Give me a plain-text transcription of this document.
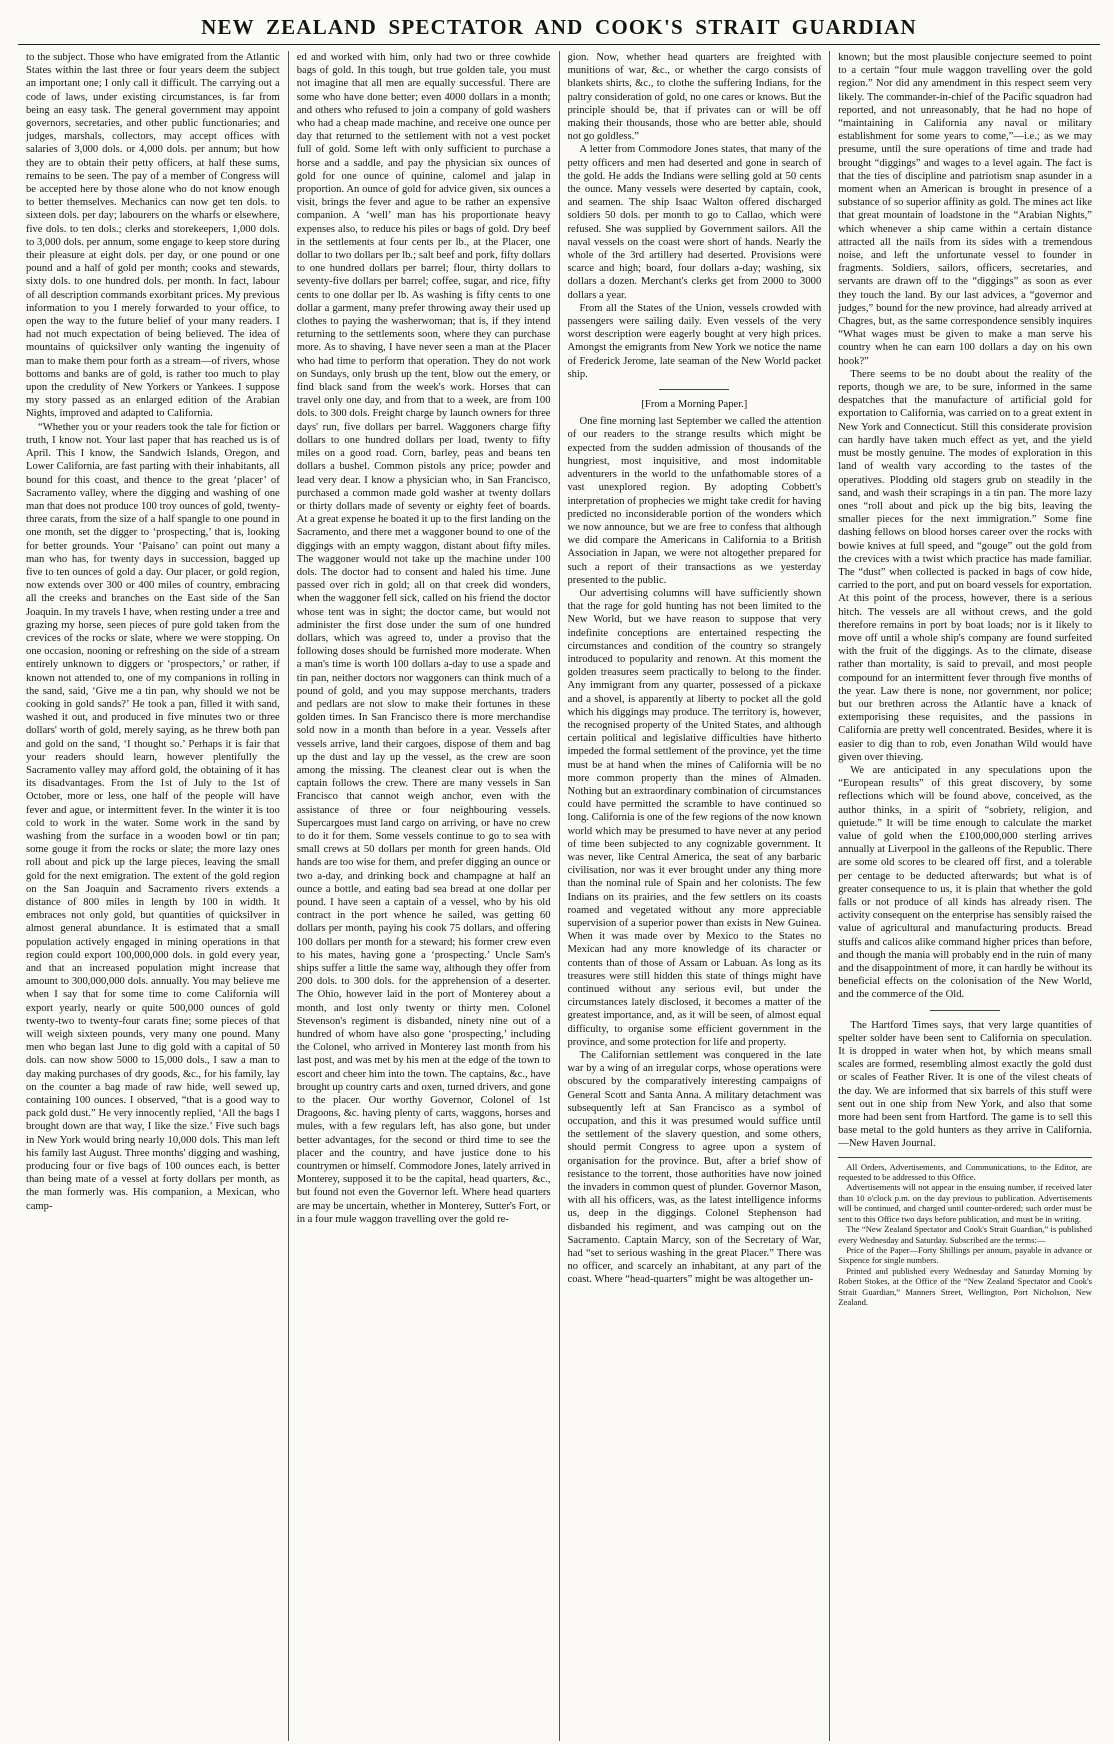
NEW ZEALAND SPECTATOR AND COOK'S STRAIT GUARDIAN

to the subject. Those who have emigrated from the Atlantic States within the last three or four years deem the subject an important one; I only call it difficult. The carrying out a code of laws, under existing circumstances, is far from being an easy task. The general government may appoint governors, secretaries, and other public functionaries; and judges, marshals, collectors, may accept offices with salaries of 3,000 dols. or 4,000 dols. per annum; but how they are to obtain their petty officers, at half these sums, remains to be seen. The pay of a member of Congress will be accepted here by those alone who do not know enough to better themselves. Mechanics can now get ten dols. to sixteen dols. per day; labourers on the wharfs or elsewhere, five dols. to ten dols.; clerks and storekeepers, 1,000 dols. to 3,000 dols. per annum, some engage to keep store during their pleasure at eight dols. per day, or one pound or one pound and a half of gold per month; cooks and stewards, sixty dols. to one hundred dols. per month. In fact, labour of all description commands exorbitant prices. My previous information to you I merely forwarded to your office, to open the way to the future belief of your many readers. I had not much expectation of being believed. The idea of mountains of quicksilver only wanting the ingenuity of man to make them pour forth as a stream—of rivers, whose bottoms and banks are of gold, is rather too much to play upon the credulity of New Yorkers or Yankees. I suppose my story passed as an enlarged edition of the Arabian Nights, improved and adapted to California.

“Whether you or your readers took the tale for fiction or truth, I know not. Your last paper that has reached us is of April. This I know, the Sandwich Islands, Oregon, and Lower California, are fast parting with their inhabitants, all bound for this coast, and thence to the great ‘placer’ of Sacramento valley, where the digging and washing of one man that does not produce 100 troy ounces of gold, twenty-three carats, from the size of a half spangle to one pound in one month, set the digger to ‘prospecting,’ that is, looking for better grounds. Your ‘Paisano’ can point out many a man who has, for twenty days in succession, bagged up five to ten ounces of gold a day. Our placer, or gold region, now extends over 300 or 400 miles of country, embracing all the creeks and branches on the East side of the San Joaquin. In my travels I have, when resting under a tree and grazing my horse, seen pieces of pure gold taken from the crevices of the rocks or slate, where we were stopping. On one occasion, nooning or refreshing on the side of a stream entirely unknown to diggers or ‘prospectors,’ or rather, if known not attended to, one of my companions in rolling in the sand, said, ‘Give me a tin pan, why should we not be cooking in gold sands?’ He took a pan, filled it with sand, washed it out, and produced in five minutes two or three dollars' worth of gold, merely saying, as he threw both pan and gold on the sand, ‘I thought so.’ Perhaps it is fair that your readers should learn, however plentifully the Sacramento valley may afford gold, the obtaining of it has its disadvantages. From the 1st of July to the 1st of October, more or less, one half of the people will have fever and ague, or intermittent fever. In the winter it is too cold to work in the water. Some work in the sand by washing from the surface in a wooden bowl or tin pan; some gouge it from the rocks or slate; the more lazy ones roll about and pick up the large pieces, leaving the small gold for the next emigration. The extent of the gold region on the San Joaquin and Sacramento rivers extends a distance of 800 miles in length by 100 in width. It embraces not only gold, but quantities of quicksilver in almost general abundance. It is estimated that a small population actively engaged in mining operations in that region could export 100,000,000 dols. in gold every year, and that an increased population might increase that amount to 300,000,000 dols. annually. You may believe me when I say that for some time to come California will export yearly, nearly or quite 500,000 ounces of gold twenty-two to twenty-four carats fine; some pieces of that will weigh sixteen pounds, very many one pound. Many men who began last June to dig gold with a capital of 50 dols. can now show 5000 to 15,000 dols., I saw a man to day making purchases of dry goods, &c., for his family, lay on the counter a bag made of raw hide, well sewed up, containing 100 ounces. I observed, “that is a good way to pack gold dust.” He very innocently replied, ‘All the bags I brought down are that way, I like the size.’ Five such bags in New York would bring nearly 10,000 dols. This man left his family last August. Three months' digging and washing, producing four or five bags of 100 ounces each, is better than being mate of a vessel at forty dollars per month, as the man formerly was. His companion, a Mexican, who camp-

ed and worked with him, only had two or three cowhide bags of gold. In this tough, but true golden tale, you must not imagine that all men are equally successful. There are some who have done better; even 4000 dollars in a month; and others who refused to join a company of gold washers who had a cheap made machine, and receive one ounce per day that returned to the settlement with not a vest pocket full of gold. Some left with only sufficient to purchase a horse and a saddle, and pay the physician six ounces of gold for one ounce of quinine, calomel and jalap in proportion. An ounce of gold for advice given, six ounces a visit, brings the fever and ague to be rather an expensive companion. A ‘well’ man has his proportionate heavy expenses also, to reduce his piles or bags of gold. Dry beef in the settlements at four cents per lb., at the Placer, one dollar to two dollars per lb.; salt beef and pork, fifty dollars to one hundred dollars per barrel; flour, thirty dollars to seventy-five dollars per barrel; coffee, sugar, and rice, fifty cents to one dollar per lb. As washing is fifty cents to one dollar a garment, many prefer throwing away their used up clothes to paying the washerwoman; that is, if they intend returning to the settlements soon, where they can purchase more. As to shaving, I have never seen a man at the Placer who had time to perform that operation. They do not work on Sundays, only brush up the tent, blow out the emery, or find black sand from the week's work. Horses that can travel only one day, and from that to a week, are from 100 dols. to 300 dols. Freight charge by launch owners for three days' run, five dollars per barrel. Waggoners charge fifty dollars to one hundred dollars per load, twenty to fifty miles on a good road. Corn, barley, peas and beans ten dollars a bushel. Common pistols any price; powder and lead very dear. I know a physician who, in San Francisco, purchased a common made gold washer at twenty dollars or thirty dollars made of seventy or eighty feet of boards. At a great expense he boated it up to the first landing on the Sacramento, and there met a waggoner bound to one of the diggings with an empty waggon, distant about fifty miles. The waggoner would not take up the machine under 100 dols. The doctor had to consent and haled his time. June passed over rich in gold; all on that creek did wonders, when the waggoner fell sick, called on his friend the doctor whose tent was in sight; the doctor came, but would not administer the first dose under the sum of one hundred dollars, which was agreed to, under a proviso that the following doses should be furnished more moderate. When a man's time is worth 100 dollars a-day to use a spade and tin pan, neither doctors nor waggoners can think much of a pound of gold, and you may suppose merchants, traders and pedlars are not slow to make their fortunes in these golden times. In San Francisco there is more merchandise sold now in a month than before in a year. Vessels after vessels arrive, land their cargoes, dispose of them and bag up the dust and lay up the vessel, as the crew are soon among the missing. The cleanest clear out is when the captain follows the crew. There are many vessels in San Francisco that cannot weigh anchor, even with the assistance of three or four neighbouring vessels. Supercargoes must land cargo on arriving, or have no crew to do it for them. Some vessels continue to go to sea with small crews at 50 dollars per month for green hands. Old hands are too wise for them, and prefer digging an ounce or two a-day, and drinking bock and champagne at half an ounce a bottle, and eating bad sea bread at one dollar per pound. I have seen a captain of a vessel, who by his old contract in the port whence he sailed, was getting 60 dollars per month, paying his cook 75 dollars, and offering 100 dollars per month for a steward; his former crew even to his mates, having gone a ‘prospecting.’ Uncle Sam's ships suffer a little the same way, although they offer from 200 dols. to 300 dols. for the apprehension of a deserter. The Ohio, however laid in the port of Monterey about a month, and lost only twenty or thirty men. Colonel Stevenson's regiment is disbanded, ninety nine out of a hundred of whom have also gone ‘prospecting,’ including the Colonel, who arrived in Monterey last month from his last post, and was met by his men at the edge of the town to escort and cheer him into the town. The captains, &c., have brought up country carts and oxen, turned drivers, and gone to the placer. Our worthy Governor, Colonel of 1st Dragoons, &c. having plenty of carts, waggons, horses and mules, with a few regulars left, has also gone, but under better advantages, for the second or third time to see the placer and the country, and have justice done to his countrymen or himself. Commodore Jones, lately arrived in Monterey, supposed it to be the capital, head quarters, &c., but found not even the Governor left. Where head quarters are may be uncertain, whether in Monterey, Sutter's Fort, or in a four mule waggon travelling over the gold re-

gion. Now, whether head quarters are freighted with munitions of war, &c., or whether the cargo consists of blankets shirts, &c., to clothe the suffering Indians, for the paltry consideration of gold, no one cares or knows. But the principle should be, that if privates can or will be off making their thousands, those who are better able, should not go goldless.”

A letter from Commodore Jones states, that many of the petty officers and men had deserted and gone in search of the gold. He adds the Indians were selling gold at 50 cents the ounce. Many vessels were deserted by captain, cook, and seamen. The ship Isaac Walton offered discharged soldiers 50 dols. per month to go to Callao, which were refused. She was supplied by Government sailors. All the naval vessels on the coast were short of hands. Nearly the whole of the 3rd artillery had deserted. Provisions were scarce and high; board, four dollars a-day; washing, six dollars a dozen. Merchant's clerks get from 2000 to 3000 dollars a year.

From all the States of the Union, vessels crowded with passengers were sailing daily. Even vessels of the very worst description were eagerly bought at very high prices. Amongst the emigrants from New York we notice the name of Frederick Jerome, late seaman of the New World packet ship.

[From a Morning Paper.]

One fine morning last September we called the attention of our readers to the strange results which might be expected from the sudden admission of thousands of the hungriest, most inquisitive, and most indomitable adventurers in the world to the unfathomable stores of a vast unexplored region. By adopting Cobbett's interpretation of prophecies we might take credit for having predicted no inconsiderable portion of the wonders which we now announce, but we are free to confess that although we did compare the Americans in California to a British Association in Japan, we were not altogether prepared for such a report of their transactions as we yesterday presented to the public.

Our advertising columns will have sufficiently shown that the rage for gold hunting has not been limited to the New World, but we have reason to suppose that very indefinite conceptions are entertained respecting the circumstances and condition of the country so strangely introduced to popularity and renown. At this moment the golden treasures seem practically to belong to the finder. Any immigrant from any quarter, possessed of a pickaxe and a shovel, is apparently at liberty to pocket all the gold which his diggings may produce. The territory is, however, the recognised property of the United States, and although certain political and legislative difficulties have hitherto impeded the formal settlement of the province, yet the time must be at hand when the mines of California will be no more common property than the mines of Almaden. Nothing but an extraordinary combination of circumstances could have permitted the scramble to have continued so long. California is one of the few regions of the now known world which may be presumed to have never at any period of time been subjected to any cognizable government. It was never, like Central America, the seat of any barbaric civilisation, nor was it ever brought under any thing more than the nominal rule of Spain and her colonists. The few Indians on its prairies, and the few settlers on its coasts roamed and vegetated without any more appreciable supervision of a superior power than exists in New Guinea. When it was made over by Mexico to the States no Mexican had any more knowledge of its character or contents than of those of Assam or Labuan. As long as its treasures were still hidden this state of things might have continued without any serious evil, but under the circumstances lately disclosed, it becomes a matter of the greatest importance, and, as it will be seen, of almost equal difficulty, to organise some efficient government in the province, and some protection for life and property.

The Californian settlement was conquered in the late war by a wing of an irregular corps, whose operations were obscured by the comparatively interesting campaigns of General Scott and Santa Anna. A military detachment was subsequently left at San Francisco as a symbol of occupation, and this it was presumed would suffice until the settlement of the slavery question, and some others, should permit Congress to agree upon a system of organisation for the province. But, after a brief show of resistance to the torrent, those authorities have now joined the invaders in common quest of plunder. Governor Mason, with all his officers, was, as the latest intelligence informs us, deep in the diggings. Colonel Stephenson had disbanded his regiment, and was camping out on the Sacramento. Captain Marcy, son of the Secretary of War, had “set to serious washing in the great Placer.” There was no officer, and scarcely an inhabitant, at any part of the coast. Where “head-quarters” might be was altogether un-

known; but the most plausible conjecture seemed to point to a certain “four mule waggon travelling over the gold region.” Nor did any amendment in this respect seem very likely. The commander-in-chief of the Pacific squadron had reported, and not unreasonably, that he had no hope of “maintaining in California any naval or military establishment for some years to come,”—i.e.; as we may presume, until the sure operations of time and trade had brought “diggings” and wages to a level again. The fact is that the ties of discipline and patriotism snap asunder in a moment when an American is brought in presence of a substance of so superior affinity as gold. The mines act like that great mountain of loadstone in the “Arabian Nights,” which whenever a ship came within a certain distance attracted all the nails from its sides with a tremendous noise, and left the unfortunate vessel to founder in fragments. Soldiers, sailors, officers, secretaries, and servants are drawn off to the “diggings” as soon as ever they touch the land. By our last advices, a “governor and judges,” bound for the new province, had already arrived at Chagres, but, as the same correspondence sensibly inquires “What wages must be given to make a man serve his country when he can earn 100 dollars a day on his own hook?”

There seems to be no doubt about the reality of the reports, though we are, to be sure, informed in the same despatches that the manufacture of artificial gold for exportation to California, was carried on to a great extent in New York and Connecticut. Still this considerate provision can hardly have taken much effect as yet, and the yield must be mostly genuine. The modes of exploration in this land of wealth vary according to the tastes of the operatives. Plodding old stagers grub on steadily in the sand, and wash their scrapings in a tin pan. The more lazy ones “roll about and pick up the big bits, leaving the smaller pieces for the next immigration.” Some fine dashing fellows on blood horses career over the rocks with bowie knives at full speed, and “gouge” out the gold from the crevices with a twist which practice has made familiar. The “dust” when collected is packed in bags of cow hide, carried to the port, and put on board vessels for exportation. At this point of the process, however, there is a serious hitch. The vessels are all without crews, and the gold therefore remains in port by boat loads; nor is it likely to move off until a whole ship's company are found surfeited with the fruit of the diggings. As to the climate, disease rather than mortality, is said to prevail, and most people compound for an intermittent fever through five months of the year. Law there is none, nor government, nor police; but our brethren across the Atlantic have a knack of extemporising these requisites, and the passions in California are pretty well concentrated. Besides, where it is easier to dig than to rob, even Jonathan Wild would have given over thieving.

We are anticipated in any speculations upon the “European results” of this great discovery, by some reflections which will be found above, conceived, as the author thinks, in a spirit of “sobriety, religion, and quietude.” It will be time enough to calculate the market value of gold when the £100,000,000 sterling arrives annually at Liverpool in the galleons of the Republic. There are some old scores to be cleared off first, and a tolerable per centage to be deducted afterwards; but what is of greater consequence to us, it is plain that whether the gold falls or not produce of all kinds has already risen. The activity consequent on the enterprise has sensibly raised the value of agricultural and manufacturing products. Bread stuffs and calicos alike command higher prices than before, and though the mania will probably end in the ruin of many and the disappointment of more, it can hardly be without its beneficial effects on the colonisation of the New World, and the commerce of the Old.

The Hartford Times says, that very large quantities of spelter solder have been sent to California on speculation. It is dropped in water when hot, by which means small scales are formed, resembling almost exactly the gold dust or scales of Feather River. It is one of the vilest cheats of the day. We are informed that six barrels of this stuff were sent out in one ship from New York, and also that some more had been sent from Hartford. The game is to sell this base metal to the gold hunters as they arrive in California.—New Haven Journal.

All Orders, Advertisements, and Communications, to the Editor, are requested to be addressed to this Office.

Advertisements will not appear in the ensuing number, if received later than 10 o'clock p.m. on the day previous to publication. Advertisements will be continued, and charged until counter-ordered; such order must be sent to this Office two days before publication, and must be in writing.

The “New Zealand Spectator and Cook's Strait Guardian,” is published every Wednesday and Saturday. Subscribed are the terms:—

Price of the Paper—Forty Shillings per annum, payable in advance or Sixpence for single numbers.

Printed and published every Wednesday and Saturday Morning by Robert Stokes, at the Office of the “New Zealand Spectator and Cook's Strait Guardian,” Manners Street, Wellington, Port Nicholson, New Zealand.
